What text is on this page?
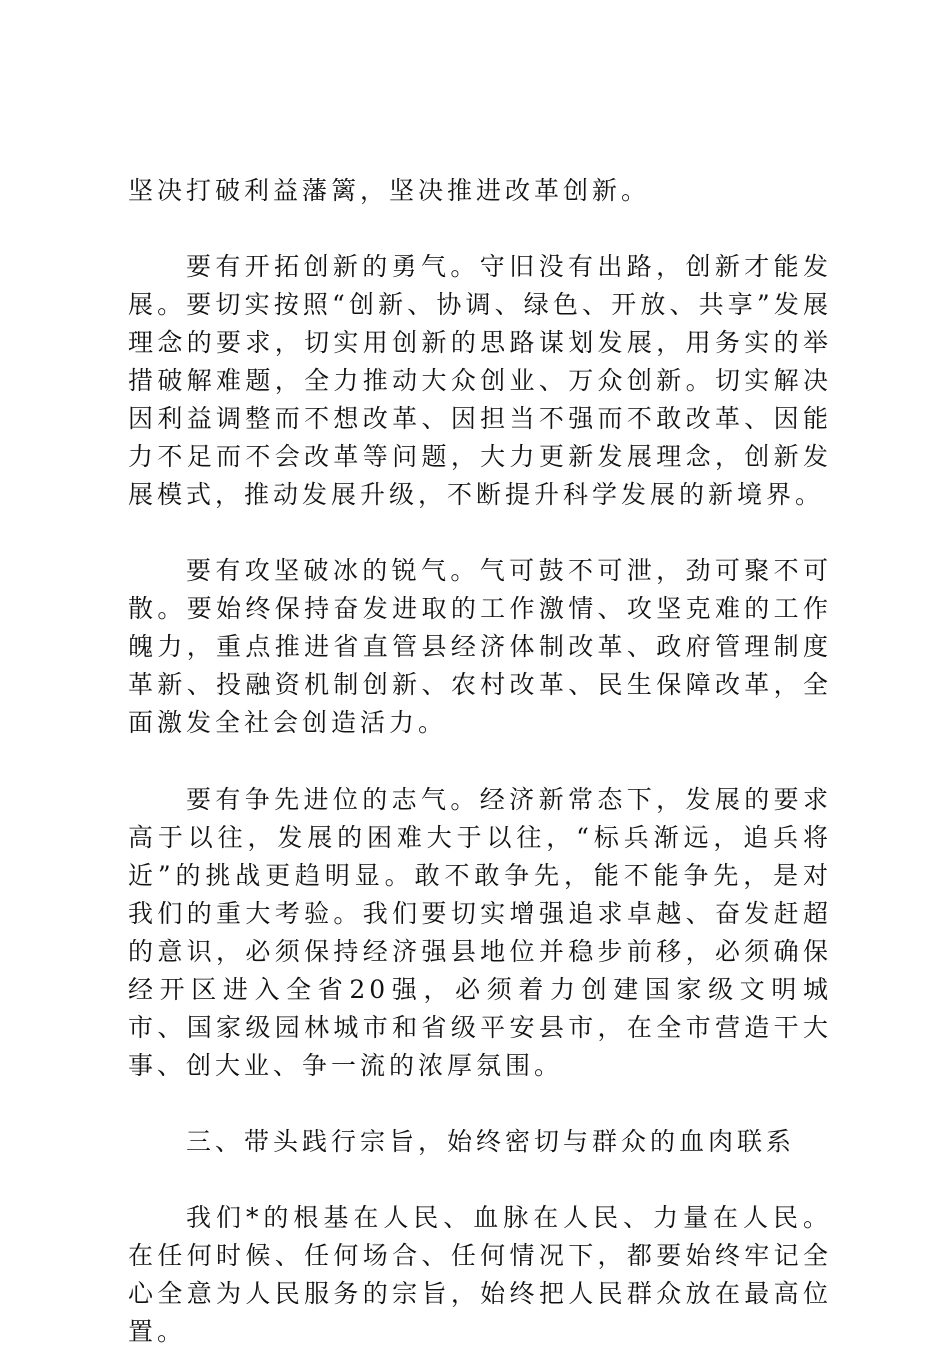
坚决打破利益藩篱，坚决推进改革创新。

要有开拓创新的勇气。守旧没有出路，创新才能发展。要切实按照“创新、协调、绿色、开放、共享”发展理念的要求，切实用创新的思路谋划发展，用务实的举措破解难题，全力推动大众创业、万众创新。切实解决因利益调整而不想改革、因担当不强而不敢改革、因能力不足而不会改革等问题，大力更新发展理念，创新发展模式，推动发展升级，不断提升科学发展的新境界。

要有攻坚破冰的锐气。气可鼓不可泄，劲可聚不可散。要始终保持奋发进取的工作激情、攻坚克难的工作魄力，重点推进省直管县经济体制改革、政府管理制度革新、投融资机制创新、农村改革、民生保障改革，全面激发全社会创造活力。

要有争先进位的志气。经济新常态下，发展的要求高于以往，发展的困难大于以往，“标兵渐远，追兵将近”的挑战更趋明显。敢不敢争先，能不能争先，是对我们的重大考验。我们要切实增强追求卓越、奋发赶超的意识，必须保持经济强县地位并稳步前移，必须确保经开区进入全省20强，必须着力创建国家级文明城市、国家级园林城市和省级平安县市，在全市营造干大事、创大业、争一流的浓厚氛围。

三、带头践行宗旨，始终密切与群众的血肉联系

我们*的根基在人民、血脉在人民、力量在人民。在任何时候、任何场合、任何情况下，都要始终牢记全心全意为人民服务的宗旨，始终把人民群众放在最高位置。
